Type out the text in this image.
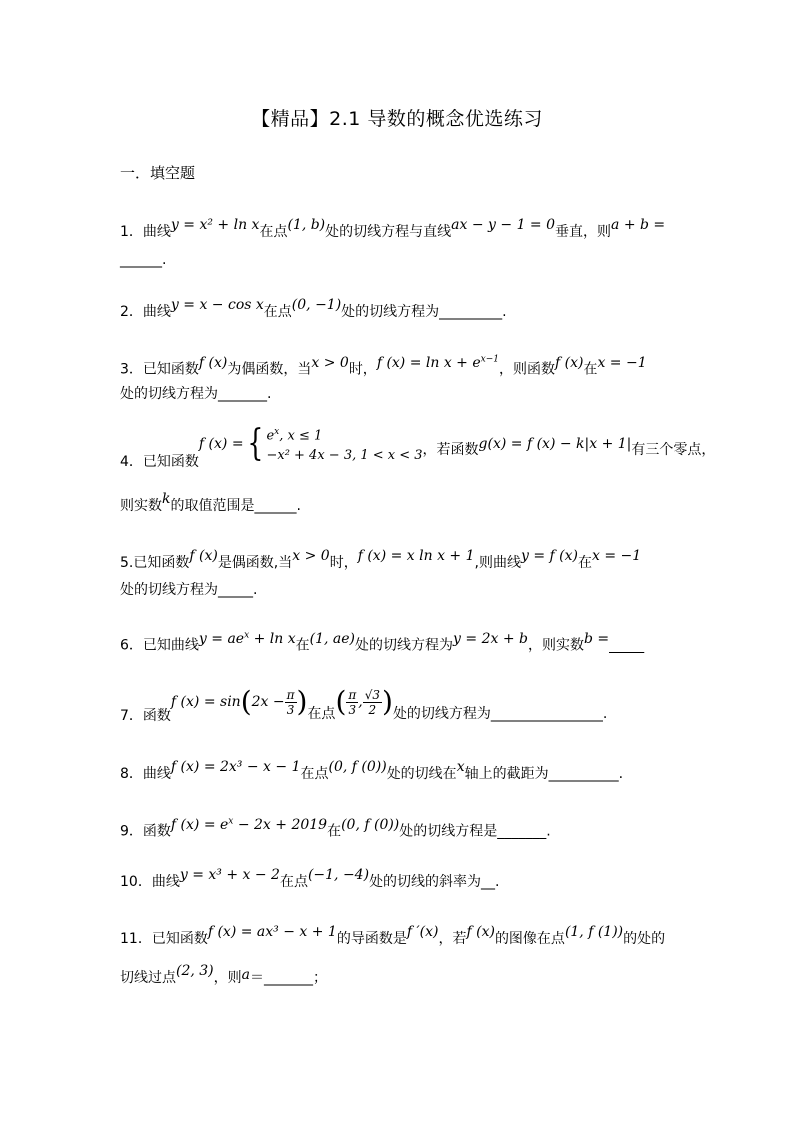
【精品】2.1 导数的概念优选练习
一．填空题
1．曲线y = x² + ln x在点(1, b)处的切线方程与直线ax − y − 1 = 0垂直，则a + b =
______.
2．曲线y = x − cos x在点(0, −1)处的切线方程为_________.
3．已知函数f (x)为偶函数，当x > 0时，f $(x) = \ln x + e^{x-1}$，则函数f (x)在x = −1
处的切线方程为_______.
4．已知函数f (x) ={ $e^x$, x ≤ 1
−x² + 4x − 3, 1 < x < 3 ，若函数g(x) = f (x) − k|x + 1|有三个零点，
则实数k的取值范围是______.
5.已知函数f (x)是偶函数,当x > 0时，f (x) = x ln x + 1,则曲线y = f (x)在x = −1
处的切线方程为_____.
6．已知曲线$y = ae^x + \ln x$在(1, ae)处的切线方程为y = 2x + b，则实数b =_____
7．函数f $(x) = \sin(2x - \frac{\pi}{3}$ )在点( $\frac{\pi}{3}$ , $\frac{√3}{2}$ )处的切线方程为________________.
8．曲线f (x) = 2x³ − x − 1在点(0, f (0))处的切线在x轴上的截距为__________.
9．函数f $(x) = e^x - 2x + 2019$在(0, f (0))处的切线方程是_______.
10．曲线y = x³ + x − 2在点(−1, −4)处的切线的斜率为__.
11．已知函数f (x) = ax³ − x + 1的导函数是f ′(x)，若f (x)的图像在点(1, f (1))的处的
切线过点(2, 3)，则a＝_______；
